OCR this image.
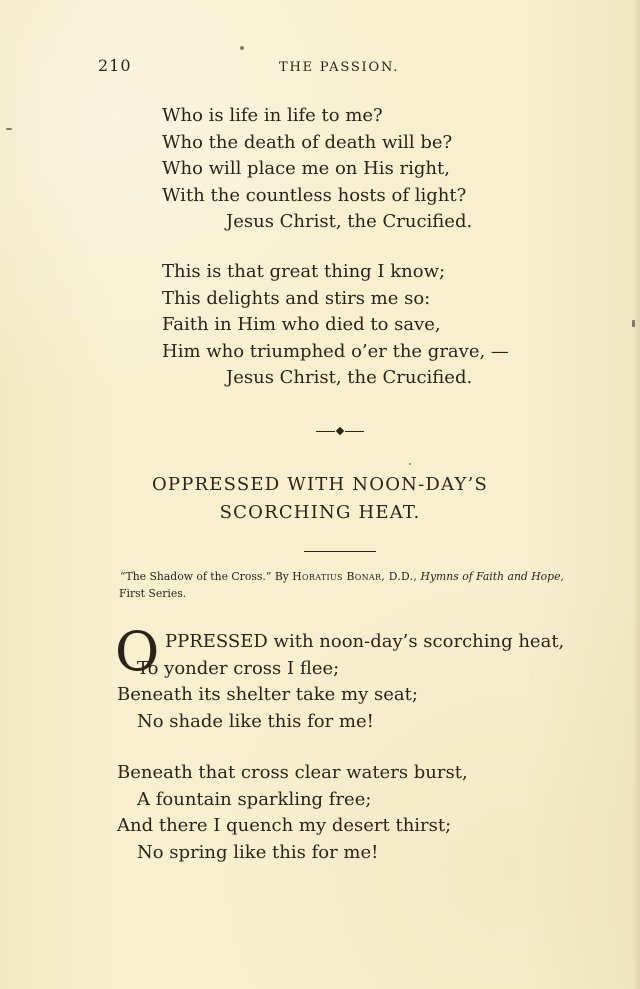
210	THE PASSION.
Who is life in life to me?
Who the death of death will be?
Who will place me on His right,
With the countless hosts of light?
Jesus Christ, the Crucified.
This is that great thing I know;
This delights and stirs me so:
Faith in Him who died to save,
Him who triumphed o’er the grave, —
Jesus Christ, the Crucified.
OPPRESSED WITH NOON-DAY’S
SCORCHING HEAT.
“The Shadow of the Cross.” By Horatius Bonar, D.D., Hymns of Faith and Hope,
First Series.
O PPRESSED with noon-day’s scorching heat,
To yonder cross I flee;
Beneath its shelter take my seat;
No shade like this for me!
Beneath that cross clear waters burst,
A fountain sparkling free;
And there I quench my desert thirst;
No spring like this for me!
